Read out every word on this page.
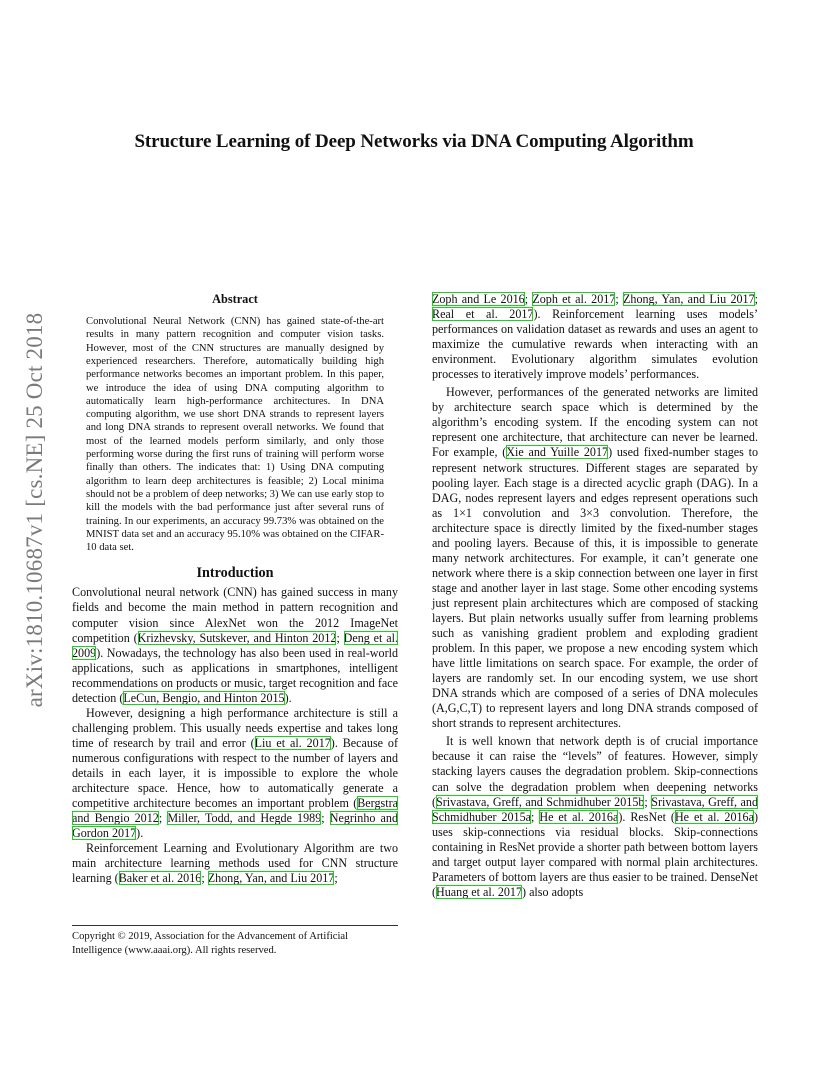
Structure Learning of Deep Networks via DNA Computing Algorithm
arXiv:1810.10687v1 [cs.NE] 25 Oct 2018
Abstract
Convolutional Neural Network (CNN) has gained state-of-the-art results in many pattern recognition and computer vision tasks. However, most of the CNN structures are manually designed by experienced researchers. Therefore, automatically building high performance networks becomes an important problem. In this paper, we introduce the idea of using DNA computing algorithm to automatically learn high-performance architectures. In DNA computing algorithm, we use short DNA strands to represent layers and long DNA strands to represent overall networks. We found that most of the learned models perform similarly, and only those performing worse during the first runs of training will perform worse finally than others. The indicates that: 1) Using DNA computing algorithm to learn deep architectures is feasible; 2) Local minima should not be a problem of deep networks; 3) We can use early stop to kill the models with the bad performance just after several runs of training. In our experiments, an accuracy 99.73% was obtained on the MNIST data set and an accuracy 95.10% was obtained on the CIFAR-10 data set.
Introduction

Convolutional neural network (CNN) has gained success in many fields and become the main method in pattern recognition and computer vision since AlexNet won the 2012 ImageNet competition (Krizhevsky, Sutskever, and Hinton 2012; Deng et al. 2009). Nowadays, the technology has also been used in real-world applications, such as applications in smartphones, intelligent recommendations on products or music, target recognition and face detection (LeCun, Bengio, and Hinton 2015).

However, designing a high performance architecture is still a challenging problem. This usually needs expertise and takes long time of research by trail and error (Liu et al. 2017). Because of numerous configurations with respect to the number of layers and details in each layer, it is impossible to explore the whole architecture space. Hence, how to automatically generate a competitive architecture becomes an important problem (Bergstra and Bengio 2012; Miller, Todd, and Hegde 1989; Negrinho and Gordon 2017).

Reinforcement Learning and Evolutionary Algorithm are two main architecture learning methods used for CNN structure learning (Baker et al. 2016; Zhong, Yan, and Liu 2017;

Copyright © 2019, Association for the Advancement of Artificial Intelligence (www.aaai.org). All rights reserved.

Zoph and Le 2016; Zoph et al. 2017; Zhong, Yan, and Liu 2017; Real et al. 2017). Reinforcement learning uses models’ performances on validation dataset as rewards and uses an agent to maximize the cumulative rewards when interacting with an environment. Evolutionary algorithm simulates evolution processes to iteratively improve models’ performances.

However, performances of the generated networks are limited by architecture search space which is determined by the algorithm’s encoding system. If the encoding system can not represent one architecture, that architecture can never be learned. For example, (Xie and Yuille 2017) used fixed-number stages to represent network structures. Different stages are separated by pooling layer. Each stage is a directed acyclic graph (DAG). In a DAG, nodes represent layers and edges represent operations such as 1×1 convolution and 3×3 convolution. Therefore, the architecture space is directly limited by the fixed-number stages and pooling layers. Because of this, it is impossible to generate many network architectures. For example, it can’t generate one network where there is a skip connection between one layer in first stage and another layer in last stage. Some other encoding systems just represent plain architectures which are composed of stacking layers. But plain networks usually suffer from learning problems such as vanishing gradient problem and exploding gradient problem. In this paper, we propose a new encoding system which have little limitations on search space. For example, the order of layers are randomly set. In our encoding system, we use short DNA strands which are composed of a series of DNA molecules (A,G,C,T) to represent layers and long DNA strands composed of short strands to represent architectures.

It is well known that network depth is of crucial importance because it can raise the “levels” of features. However, simply stacking layers causes the degradation problem. Skip-connections can solve the degradation problem when deepening networks (Srivastava, Greff, and Schmidhuber 2015b; Srivastava, Greff, and Schmidhuber 2015a; He et al. 2016a). ResNet (He et al. 2016a) uses skip-connections via residual blocks. Skip-connections containing in ResNet provide a shorter path between bottom layers and target output layer compared with normal plain architectures. Parameters of bottom layers are thus easier to be trained. DenseNet (Huang et al. 2017) also adopts
